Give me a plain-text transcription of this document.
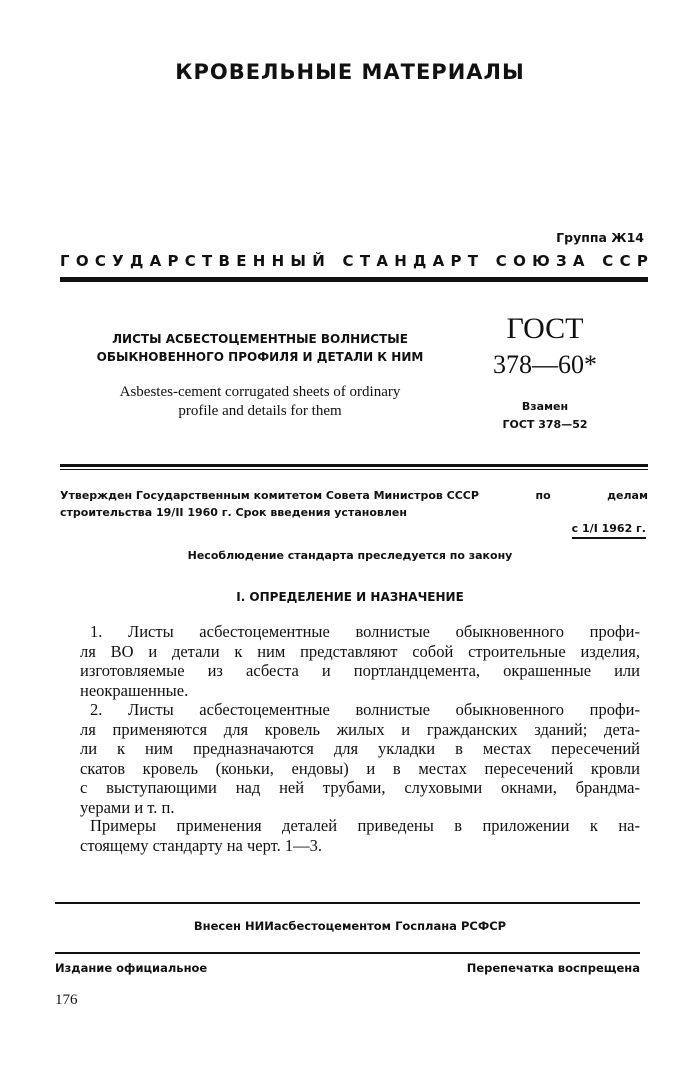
КРОВЕЛЬНЫЕ МАТЕРИАЛЫ
Группа Ж14
Г О С У Д А Р С Т В Е Н Н Ы Й
С Т А Н Д А Р Т
С О Ю З А
С С Р
ЛИСТЫ АСБЕСТОЦЕМЕНТНЫЕ ВОЛНИСТЫЕ
ОБЫКНОВЕННОГО ПРОФИЛЯ И ДЕТАЛИ К НИМ
Asbestes-cement corrugated sheets of ordinary
profile and details for them
ГОСТ
378—60*
Взамен
ГОСТ 378—52
Утвержден Государственным комитетом Совета Министров СССР	по	делам
строительства 19/II 1960 г. Срок введения установлен
с 1/I 1962 г.
Несоблюдение стандарта преследуется по закону
I. ОПРЕДЕЛЕНИЕ И НАЗНАЧЕНИЕ
1. Листы асбестоцементные волнистые обыкновенного профи-
ля ВО и детали к ним представляют собой строительные изделия,
изготовляемые из асбеста и портландцемента, окрашенные или
неокрашенные.
2. Листы асбестоцементные волнистые обыкновенного профи-
ля применяются для кровель жилых и гражданских зданий; дета-
ли к ним предназначаются для укладки в местах пересечений
скатов кровель (коньки, ендовы) и в местах пересечений кровли
с выступающими над ней трубами, слуховыми окнами, брандма-
уерами и т. п.
Примеры применения деталей приведены в приложении к на-
стоящему стандарту на черт. 1—3.
Внесен НИИасбестоцементом Госплана РСФСР
Издание официальное	Перепечатка воспрещена
176
